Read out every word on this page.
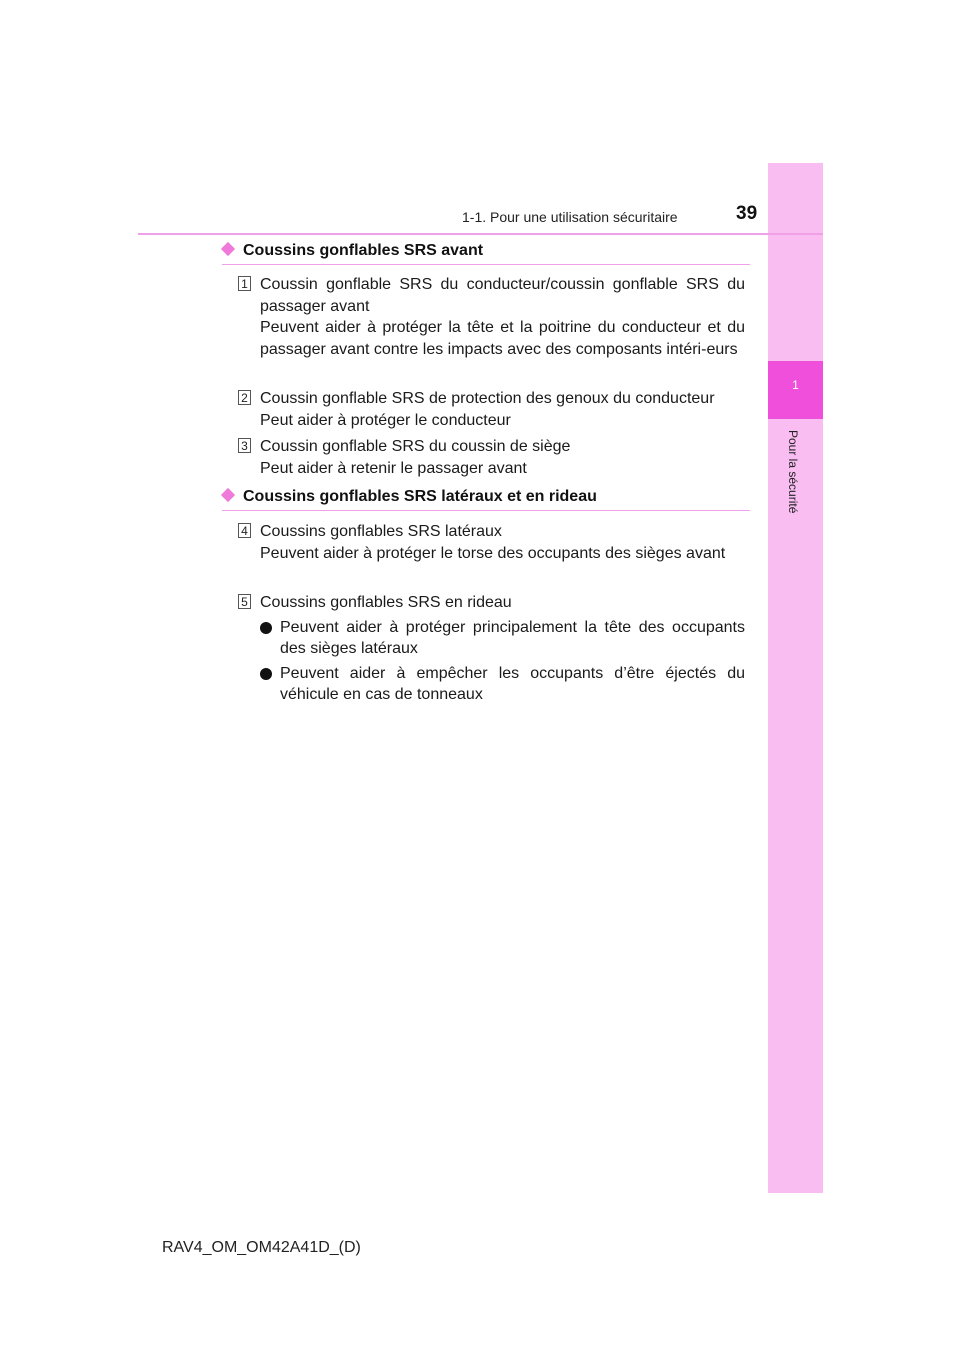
1
Pour la sécurité
1-1. Pour une utilisation sécuritaire	39
Coussins gonflables SRS avant
1 Coussin gonflable SRS du conducteur/coussin gonflable SRS du passager avant
Peuvent aider à protéger la tête et la poitrine du conducteur et du passager avant contre les impacts avec des composants intéri-eurs
2 Coussin gonflable SRS de protection des genoux du conducteur
Peut aider à protéger le conducteur
3 Coussin gonflable SRS du coussin de siège
Peut aider à retenir le passager avant
Coussins gonflables SRS latéraux et en rideau
4 Coussins gonflables SRS latéraux
Peuvent aider à protéger le torse des occupants des sièges avant
5 Coussins gonflables SRS en rideau
Peuvent aider à protéger principalement la tête des occupants des sièges latéraux
Peuvent aider à empêcher les occupants d’être éjectés du véhicule en cas de tonneaux
RAV4_OM_OM42A41D_(D)
